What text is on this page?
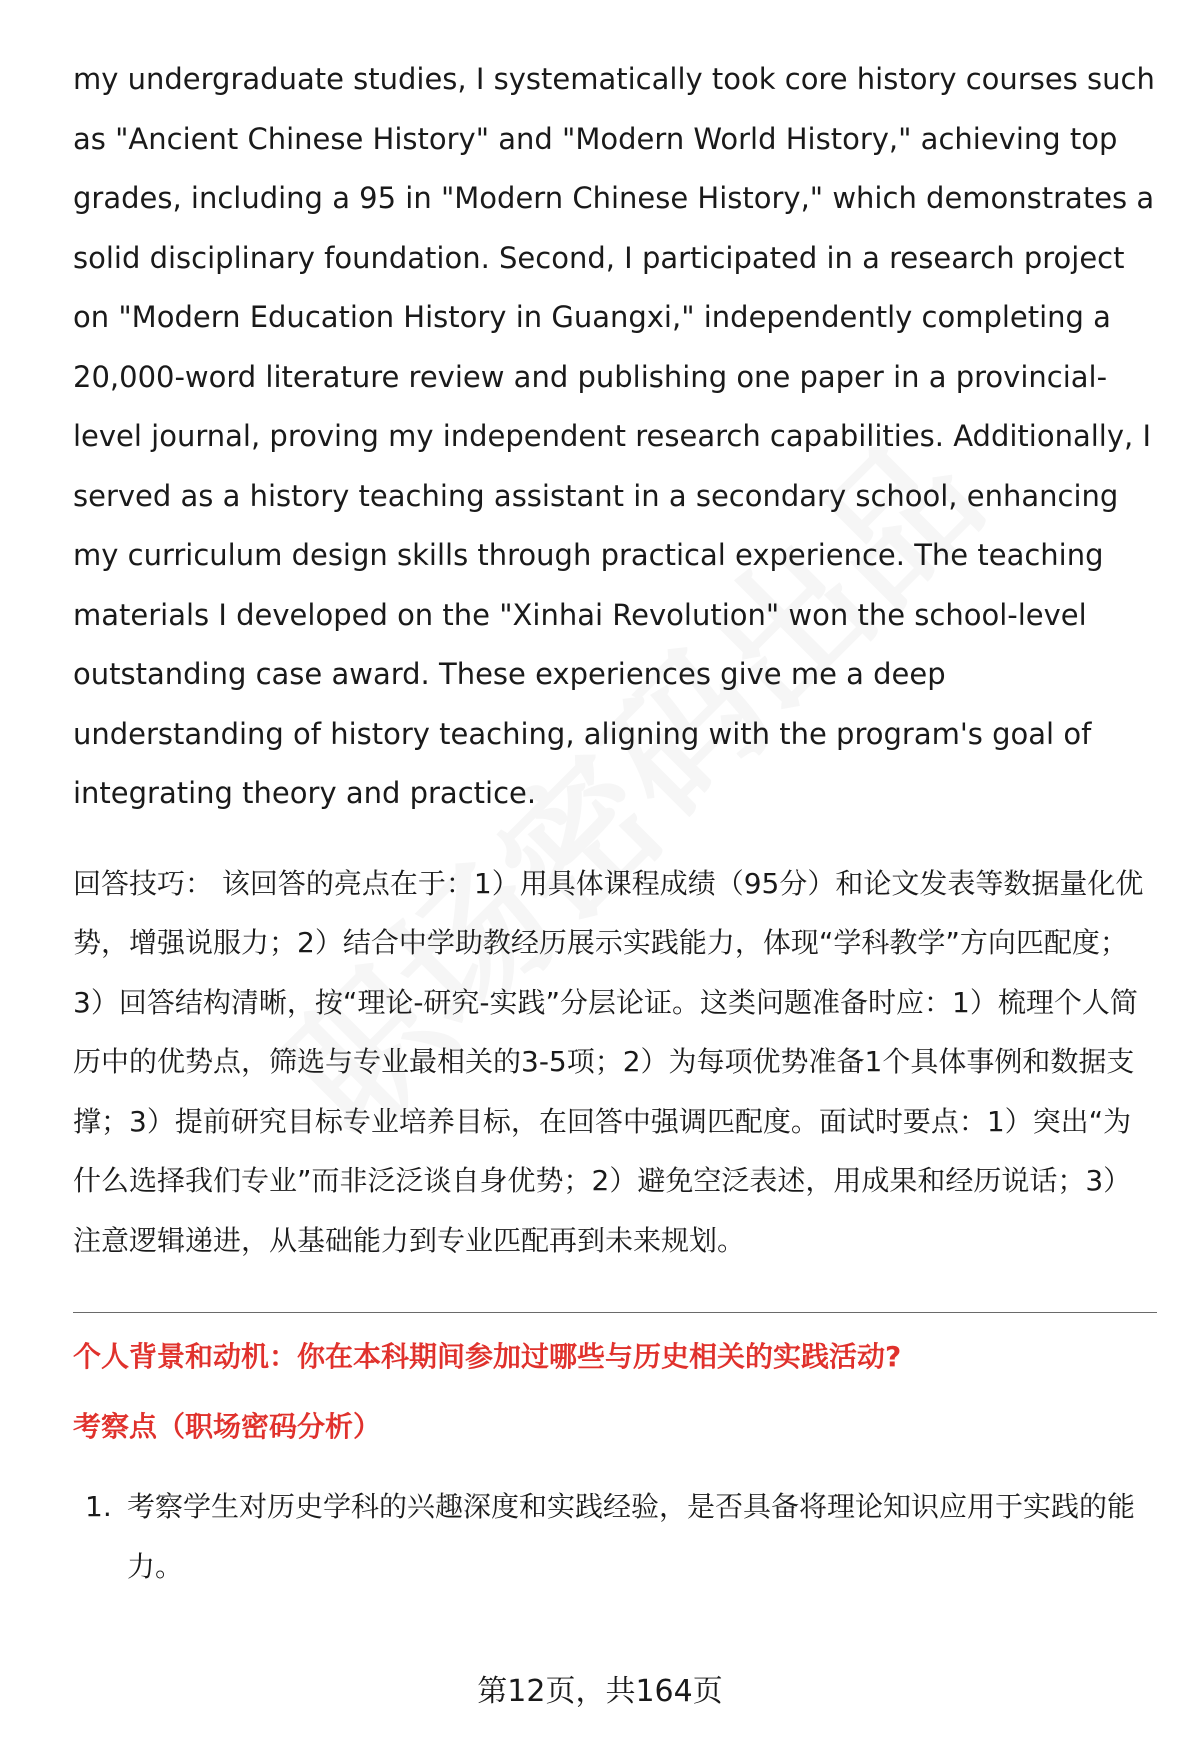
my undergraduate studies, I systematically took core history courses such as "Ancient Chinese History" and "Modern World History," achieving top grades, including a 95 in "Modern Chinese History," which demonstrates a solid disciplinary foundation. Second, I participated in a research project on "Modern Education History in Guangxi," independently completing a 20,000-word literature review and publishing one paper in a provincial-level journal, proving my independent research capabilities. Additionally, I served as a history teaching assistant in a secondary school, enhancing my curriculum design skills through practical experience. The teaching materials I developed on the "Xinhai Revolution" won the school-level outstanding case award. These experiences give me a deep understanding of history teaching, aligning with the program's goal of integrating theory and practice.

回答技巧： 该回答的亮点在于：1）用具体课程成绩（95分）和论文发表等数据量化优势，增强说服力；2）结合中学助教经历展示实践能力，体现“学科教学”方向匹配度；3）回答结构清晰，按“理论-研究-实践”分层论证。这类问题准备时应：1）梳理个人简历中的优势点，筛选与专业最相关的3-5项；2）为每项优势准备1个具体事例和数据支撑；3）提前研究目标专业培养目标，在回答中强调匹配度。面试时要点：1）突出“为什么选择我们专业”而非泛泛谈自身优势；2）避免空泛表述，用成果和经历说话；3）注意逻辑递进，从基础能力到专业匹配再到未来规划。

个人背景和动机：你在本科期间参加过哪些与历史相关的实践活动?

考察点（职场密码分析）

1. 考察学生对历史学科的兴趣深度和实践经验，是否具备将理论知识应用于实践的能力。
第12页，共164页
